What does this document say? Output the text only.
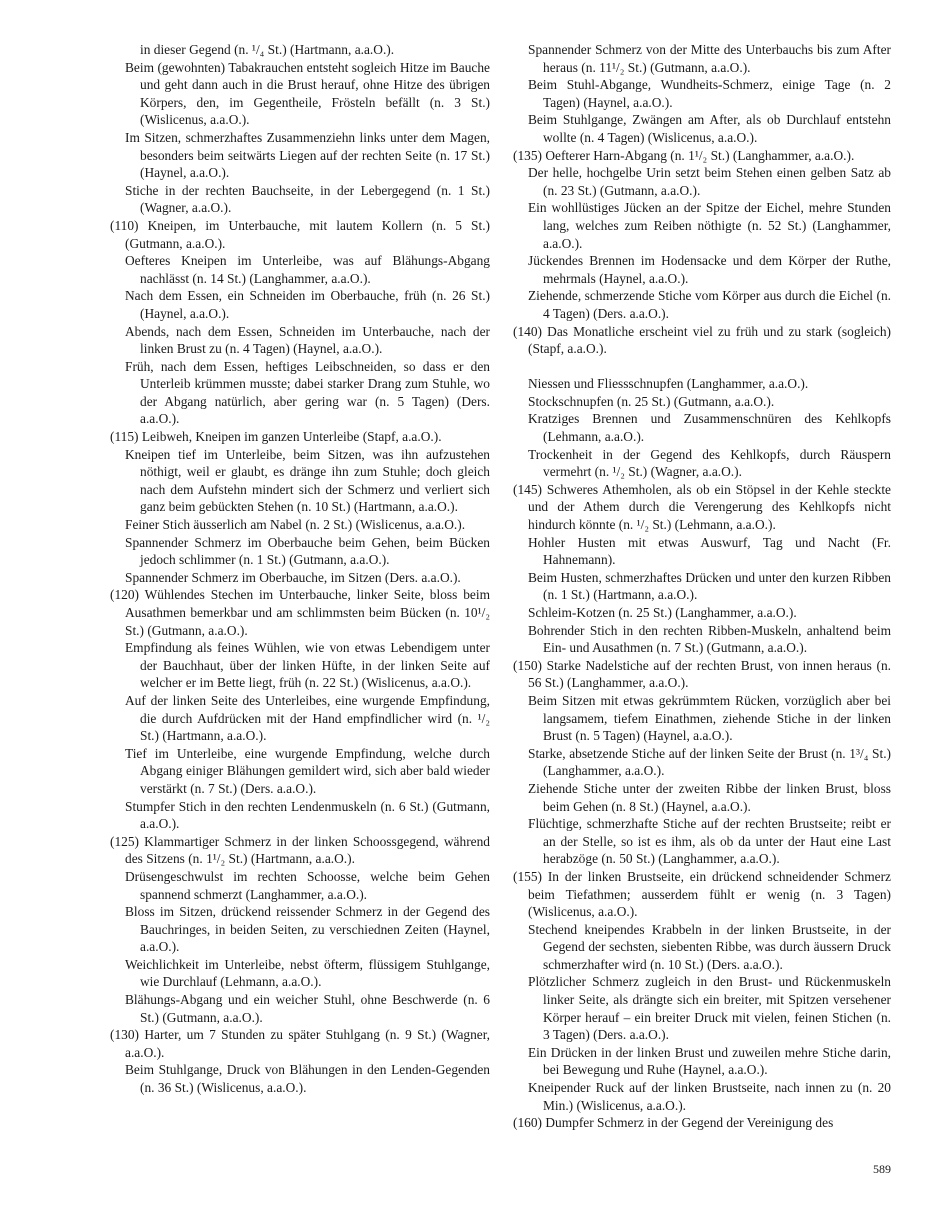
in dieser Gegend (n. ¹/₄ St.) (Hartmann, a.a.O.).

Beim (gewohnten) Tabakrauchen entsteht sogleich Hitze im Bauche und geht dann auch in die Brust herauf, ohne Hitze des übrigen Körpers, den, im Gegentheile, Frösteln befällt (n. 3 St.) (Wislicenus, a.a.O.).

Im Sitzen, schmerzhaftes Zusammenziehn links unter dem Magen, besonders beim seitwärts Liegen auf der rechten Seite (n. 17 St.) (Haynel, a.a.O.).

Stiche in der rechten Bauchseite, in der Lebergegend (n. 1 St.) (Wagner, a.a.O.).

(110) Kneipen, im Unterbauche, mit lautem Kollern (n. 5 St.) (Gutmann, a.a.O.).

Oefteres Kneipen im Unterleibe, was auf Blähungs-Abgang nachlässt (n. 14 St.) (Langhammer, a.a.O.).

Nach dem Essen, ein Schneiden im Oberbauche, früh (n. 26 St.) (Haynel, a.a.O.).

Abends, nach dem Essen, Schneiden im Unterbauche, nach der linken Brust zu (n. 4 Tagen) (Haynel, a.a.O.).

Früh, nach dem Essen, heftiges Leibschneiden, so dass er den Unterleib krümmen musste; dabei starker Drang zum Stuhle, wo der Abgang natürlich, aber gering war (n. 5 Tagen) (Ders. a.a.O.).

(115) Leibweh, Kneipen im ganzen Unterleibe (Stapf, a.a.O.).

Kneipen tief im Unterleibe, beim Sitzen, was ihn aufzustehen nöthigt, weil er glaubt, es dränge ihn zum Stuhle; doch gleich nach dem Aufstehn mindert sich der Schmerz und verliert sich ganz beim gebückten Stehen (n. 10 St.) (Hartmann, a.a.O.).

Feiner Stich äusserlich am Nabel (n. 2 St.) (Wislicenus, a.a.O.).

Spannender Schmerz im Oberbauche beim Gehen, beim Bücken jedoch schlimmer (n. 1 St.) (Gutmann, a.a.O.).

Spannender Schmerz im Oberbauche, im Sitzen (Ders. a.a.O.).

(120) Wühlendes Stechen im Unterbauche, linker Seite, bloss beim Ausathmen bemerkbar und am schlimmsten beim Bücken (n. 10¹/₂ St.) (Gutmann, a.a.O.).

Empfindung als feines Wühlen, wie von etwas Lebendigem unter der Bauchhaut, über der linken Hüfte, in der linken Seite auf welcher er im Bette liegt, früh (n. 22 St.) (Wislicenus, a.a.O.).

Auf der linken Seite des Unterleibes, eine wurgende Empfindung, die durch Aufdrücken mit der Hand empfindlicher wird (n. ¹/₂ St.) (Hartmann, a.a.O.).

Tief im Unterleibe, eine wurgende Empfindung, welche durch Abgang einiger Blähungen gemildert wird, sich aber bald wieder verstärkt (n. 7 St.) (Ders. a.a.O.).

Stumpfer Stich in den rechten Lendenmuskeln (n. 6 St.) (Gutmann, a.a.O.).

(125) Klammartiger Schmerz in der linken Schoossgegend, während des Sitzens (n. 1¹/₂ St.) (Hartmann, a.a.O.).

Drüsengeschwulst im rechten Schoosse, welche beim Gehen spannend schmerzt (Langhammer, a.a.O.).

Bloss im Sitzen, drückend reissender Schmerz in der Gegend des Bauchringes, in beiden Seiten, zu verschiednen Zeiten (Haynel, a.a.O.).

Weichlichkeit im Unterleibe, nebst öfterm, flüssigem Stuhlgange, wie Durchlauf (Lehmann, a.a.O.).

Blähungs-Abgang und ein weicher Stuhl, ohne Beschwerde (n. 6 St.) (Gutmann, a.a.O.).

(130) Harter, um 7 Stunden zu später Stuhlgang (n. 9 St.) (Wagner, a.a.O.).

Beim Stuhlgange, Druck von Blähungen in den Lenden-Gegenden (n. 36 St.) (Wislicenus, a.a.O.).

Spannender Schmerz von der Mitte des Unterbauchs bis zum After heraus (n. 11¹/₂ St.) (Gutmann, a.a.O.).

Beim Stuhl-Abgange, Wundheits-Schmerz, einige Tage (n. 2 Tagen) (Haynel, a.a.O.).

Beim Stuhlgange, Zwängen am After, als ob Durchlauf entstehn wollte (n. 4 Tagen) (Wislicenus, a.a.O.).

(135) Oefterer Harn-Abgang (n. 1¹/₂ St.) (Langhammer, a.a.O.).

Der helle, hochgelbe Urin setzt beim Stehen einen gelben Satz ab (n. 23 St.) (Gutmann, a.a.O.).

Ein wohllüstiges Jücken an der Spitze der Eichel, mehre Stunden lang, welches zum Reiben nöthigte (n. 52 St.) (Langhammer, a.a.O.).

Jückendes Brennen im Hodensacke und dem Körper der Ruthe, mehrmals (Haynel, a.a.O.).

Ziehende, schmerzende Stiche vom Körper aus durch die Eichel (n. 4 Tagen) (Ders. a.a.O.).

(140) Das Monatliche erscheint viel zu früh und zu stark (sogleich) (Stapf, a.a.O.).

Niessen und Fliessschnupfen (Langhammer, a.a.O.).

Stockschnupfen (n. 25 St.) (Gutmann, a.a.O.).

Kratziges Brennen und Zusammenschnüren des Kehlkopfs (Lehmann, a.a.O.).

Trockenheit in der Gegend des Kehlkopfs, durch Räuspern vermehrt (n. ¹/₂ St.) (Wagner, a.a.O.).

(145) Schweres Athemholen, als ob ein Stöpsel in der Kehle steckte und der Athem durch die Verengerung des Kehlkopfs nicht hindurch könnte (n. ¹/₂ St.) (Lehmann, a.a.O.).

Hohler Husten mit etwas Auswurf, Tag und Nacht (Fr. Hahnemann).

Beim Husten, schmerzhaftes Drücken und unter den kurzen Ribben (n. 1 St.) (Hartmann, a.a.O.).

Schleim-Kotzen (n. 25 St.) (Langhammer, a.a.O.).

Bohrender Stich in den rechten Ribben-Muskeln, anhaltend beim Ein- und Ausathmen (n. 7 St.) (Gutmann, a.a.O.).

(150) Starke Nadelstiche auf der rechten Brust, von innen heraus (n. 56 St.) (Langhammer, a.a.O.).

Beim Sitzen mit etwas gekrümmtem Rücken, vorzüglich aber bei langsamem, tiefem Einathmen, ziehende Stiche in der linken Brust (n. 5 Tagen) (Haynel, a.a.O.).

Starke, absetzende Stiche auf der linken Seite der Brust (n. 1³/₄ St.) (Langhammer, a.a.O.).

Ziehende Stiche unter der zweiten Ribbe der linken Brust, bloss beim Gehen (n. 8 St.) (Haynel, a.a.O.).

Flüchtige, schmerzhafte Stiche auf der rechten Brustseite; reibt er an der Stelle, so ist es ihm, als ob da unter der Haut eine Last herabzöge (n. 50 St.) (Langhammer, a.a.O.).

(155) In der linken Brustseite, ein drückend schneidender Schmerz beim Tiefathmen; ausserdem fühlt er wenig (n. 3 Tagen) (Wislicenus, a.a.O.).

Stechend kneipendes Krabbeln in der linken Brustseite, in der Gegend der sechsten, siebenten Ribbe, was durch äussern Druck schmerzhafter wird (n. 10 St.) (Ders. a.a.O.).

Plötzlicher Schmerz zugleich in den Brust- und Rückenmuskeln linker Seite, als drängte sich ein breiter, mit Spitzen versehener Körper herauf – ein breiter Druck mit vielen, feinen Stichen (n. 3 Tagen) (Ders. a.a.O.).

Ein Drücken in der linken Brust und zuweilen mehre Stiche darin, bei Bewegung und Ruhe (Haynel, a.a.O.).

Kneipender Ruck auf der linken Brustseite, nach innen zu (n. 20 Min.) (Wislicenus, a.a.O.).

(160) Dumpfer Schmerz in der Gegend der Vereinigung des

589
